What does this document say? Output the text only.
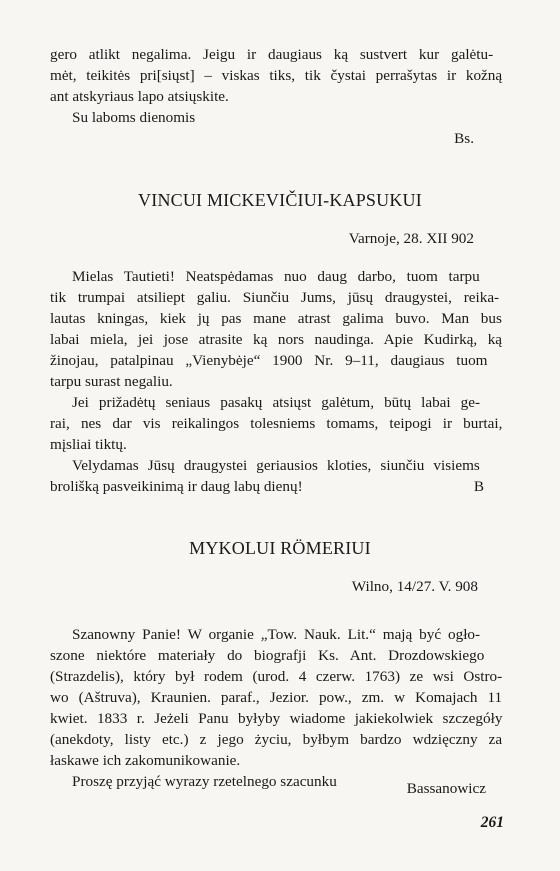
gero atlikt negalima. Jeigu ir daugiaus ką sustvert kur galėtu-
mėt, teikitės pri[siųst] – viskas tiks, tik čystai perrašytas ir kožną
ant atskyriaus lapo atsiųskite.
Su laboms dienomis
Bs.
VINCUI MICKEVIČIUI-KAPSUKUI
Varnoje, 28. XII 902
Mielas Tautieti! Neatspėdamas nuo daug darbo, tuom tarpu
tik trumpai atsiliept galiu. Siunčiu Jums, jūsų draugystei, reika-
lautas kningas, kiek jų pas mane atrast galima buvo. Man bus
labai miela, jei jose atrasite ką nors naudinga. Apie Kudirką, ką
žinojau, patalpinau „Vienybėje“ 1900 Nr. 9–11, daugiaus tuom
tarpu surast negaliu.
Jei prižadėtų seniaus pasakų atsiųst galėtum, būtų labai ge-
rai, nes dar vis reikalingos tolesniems tomams, teipogi ir burtai,
mįsliai tiktų.
Velydamas Jūsų draugystei geriausios kloties, siunčiu visiems
brolišką pasveikinimą ir daug labų dienų!	B
MYKOLUI RÖMERIUI
Wilno, 14/27. V. 908
Szanowny Panie! W organie „Tow. Nauk. Lit.“ mają być ogło-
szone niektóre materiały do biografji Ks. Ant. Drozdowskiego
(Strazdelis), który był rodem (urod. 4 czerw. 1763) ze wsi Ostro-
wo (Aštruva), Kraunien. paraf., Jezior. pow., zm. w Komajach 11
kwiet. 1833 r. Jeżeli Panu byłyby wiadome jakiekolwiek szczegóły
(anekdoty, listy etc.) z jego życiu, byłbym bardzo wdzięczny za
łaskawe ich zakomunikowanie.
Proszę przyjąć wyrazy rzetelnego szacunku	Bassanowicz
261
